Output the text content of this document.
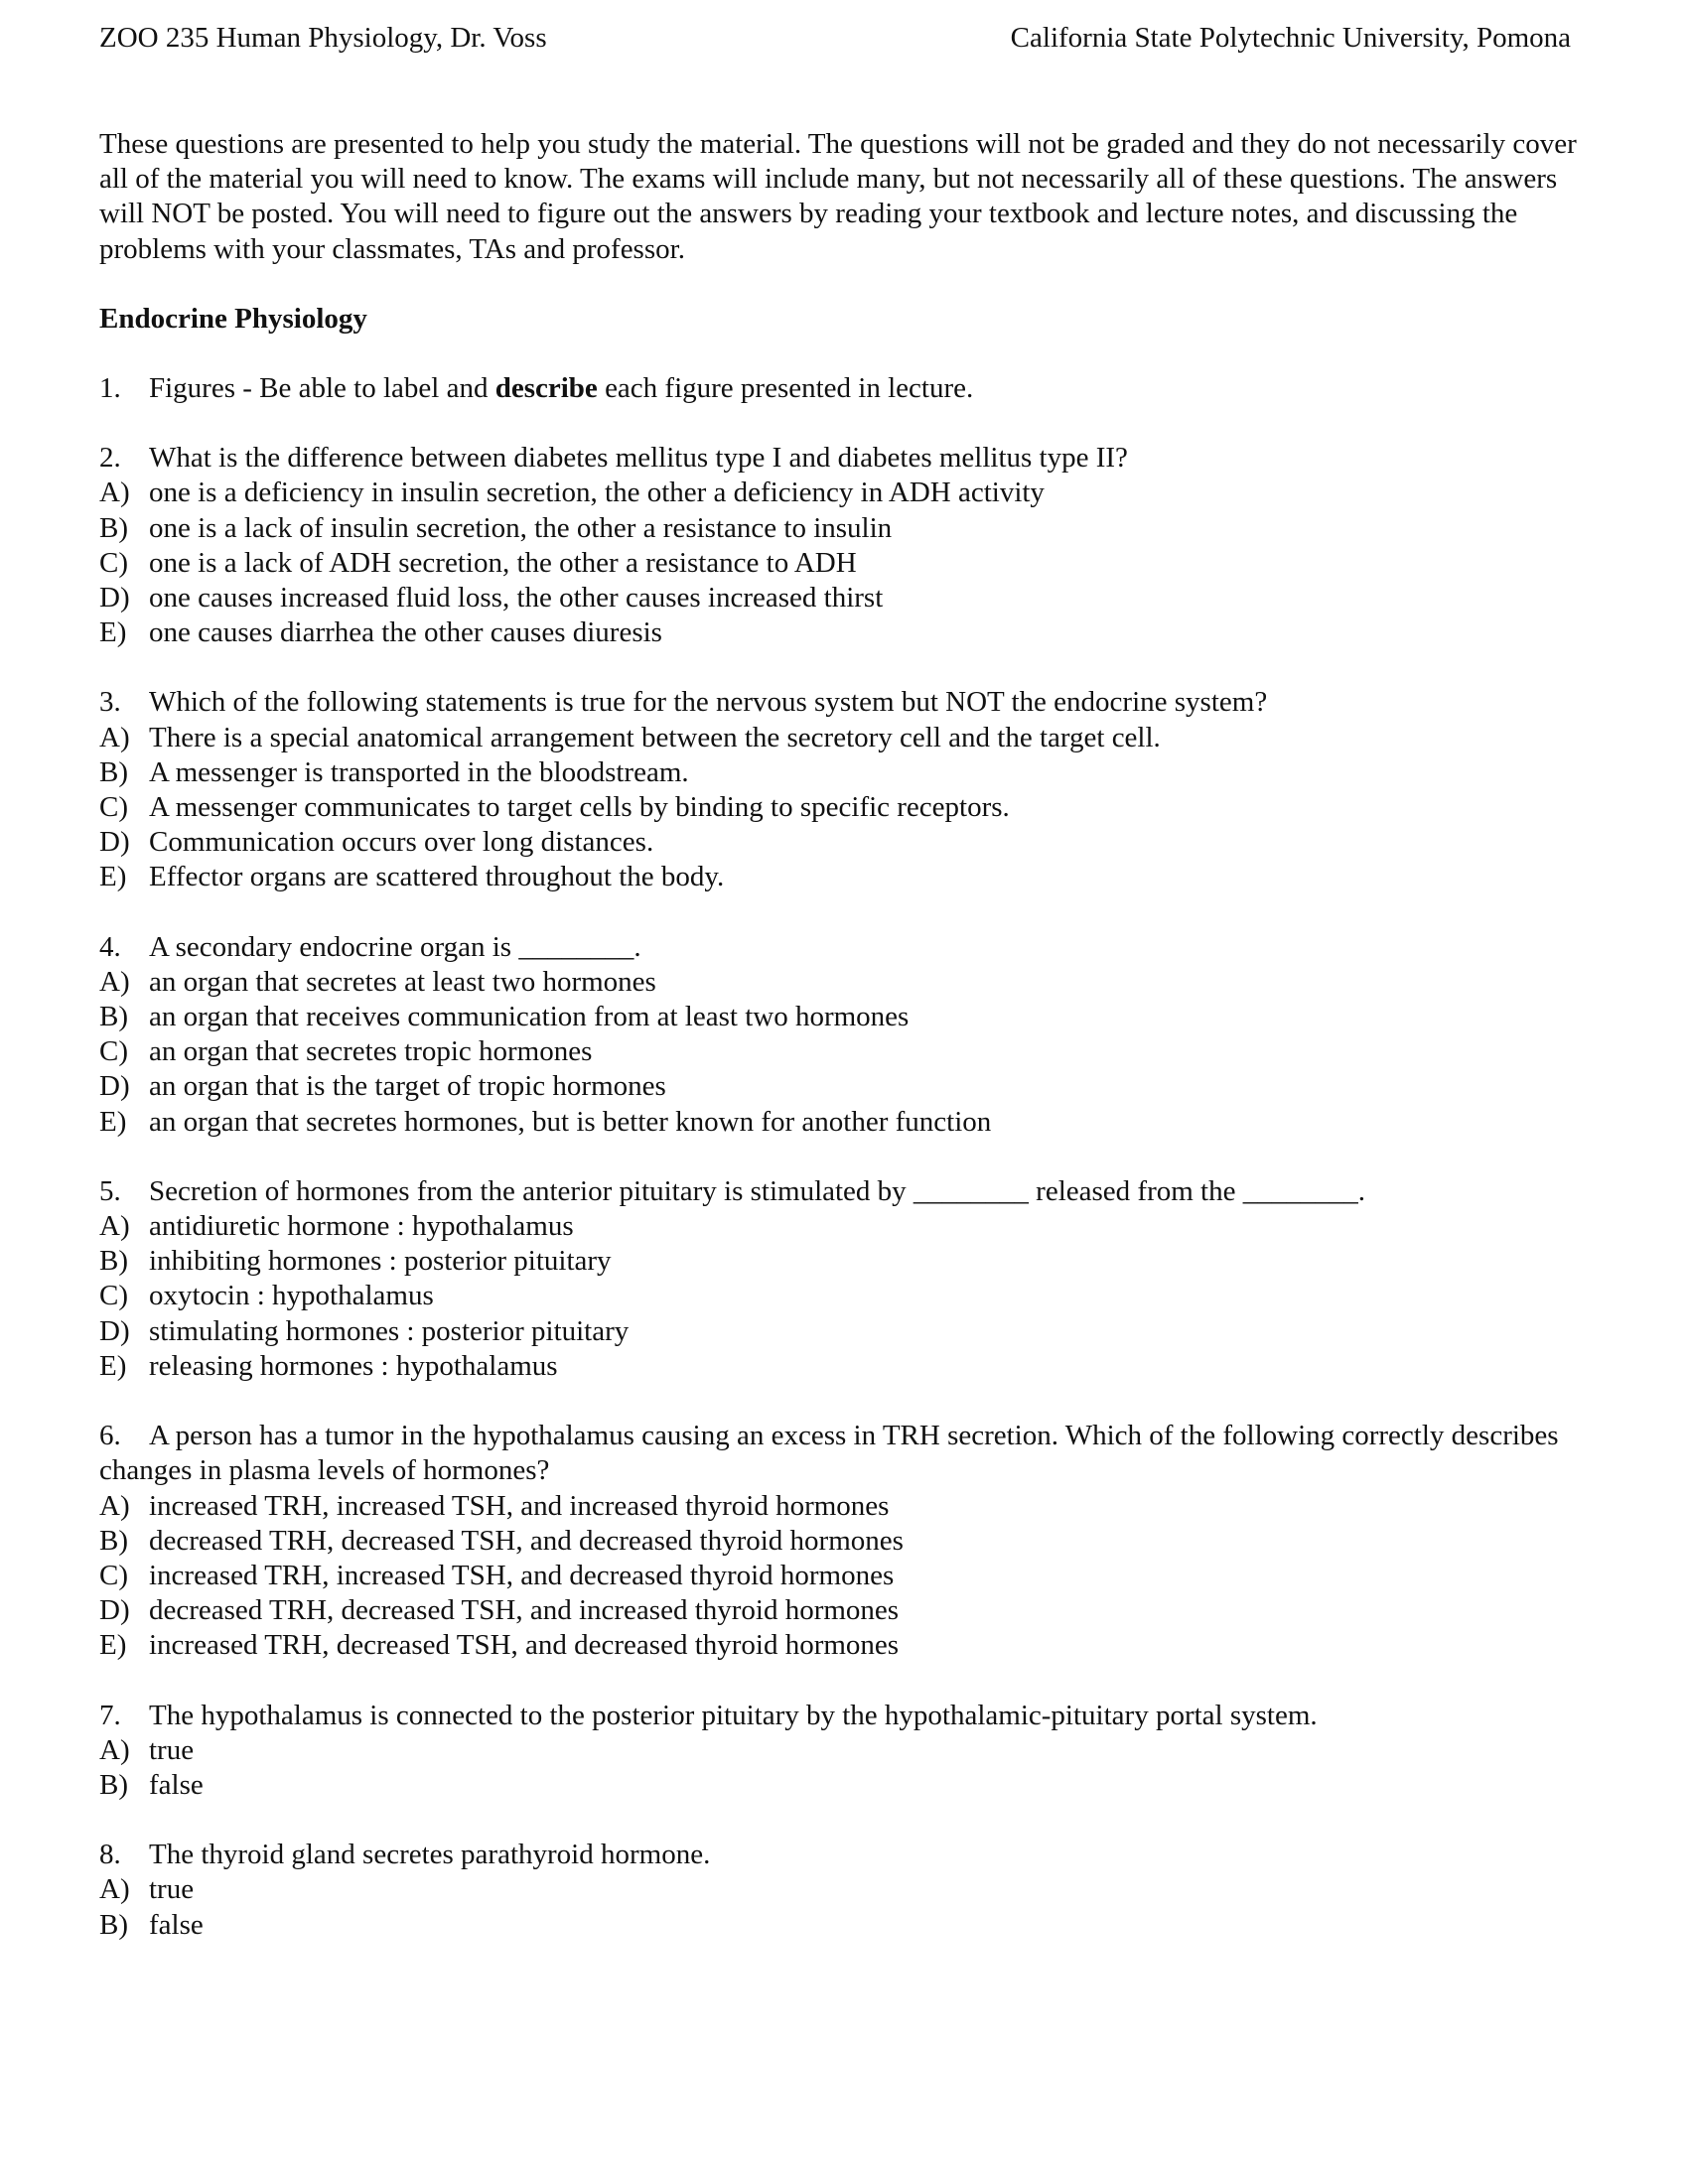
ZOO 235 Human Physiology, Dr. Voss	California State Polytechnic University, Pomona

These questions are presented to help you study the material. The questions will not be graded and they do not necessarily cover all of the material you will need to know. The exams will include many, but not necessarily all of these questions. The answers will NOT be posted. You will need to figure out the answers by reading your textbook and lecture notes, and discussing the problems with your classmates, TAs and professor.

Endocrine Physiology
1. Figures - Be able to label and describe each figure presented in lecture.
2. What is the difference between diabetes mellitus type I and diabetes mellitus type II?
A) one is a deficiency in insulin secretion, the other a deficiency in ADH activity
B) one is a lack of insulin secretion, the other a resistance to insulin
C) one is a lack of ADH secretion, the other a resistance to ADH
D) one causes increased fluid loss, the other causes increased thirst
E) one causes diarrhea the other causes diuresis
3. Which of the following statements is true for the nervous system but NOT the endocrine system?
A) There is a special anatomical arrangement between the secretory cell and the target cell.
B) A messenger is transported in the bloodstream.
C) A messenger communicates to target cells by binding to specific receptors.
D) Communication occurs over long distances.
E) Effector organs are scattered throughout the body.
4. A secondary endocrine organ is ________.
A) an organ that secretes at least two hormones
B) an organ that receives communication from at least two hormones
C) an organ that secretes tropic hormones
D) an organ that is the target of tropic hormones
E) an organ that secretes hormones, but is better known for another function
5. Secretion of hormones from the anterior pituitary is stimulated by ________ released from the ________.
A) antidiuretic hormone : hypothalamus
B) inhibiting hormones : posterior pituitary
C) oxytocin : hypothalamus
D) stimulating hormones : posterior pituitary
E) releasing hormones : hypothalamus
6. A person has a tumor in the hypothalamus causing an excess in TRH secretion. Which of the following correctly describes changes in plasma levels of hormones?
A) increased TRH, increased TSH, and increased thyroid hormones
B) decreased TRH, decreased TSH, and decreased thyroid hormones
C) increased TRH, increased TSH, and decreased thyroid hormones
D) decreased TRH, decreased TSH, and increased thyroid hormones
E) increased TRH, decreased TSH, and decreased thyroid hormones
7. The hypothalamus is connected to the posterior pituitary by the hypothalamic-pituitary portal system.
A) true
B) false
8. The thyroid gland secretes parathyroid hormone.
A) true
B) false
